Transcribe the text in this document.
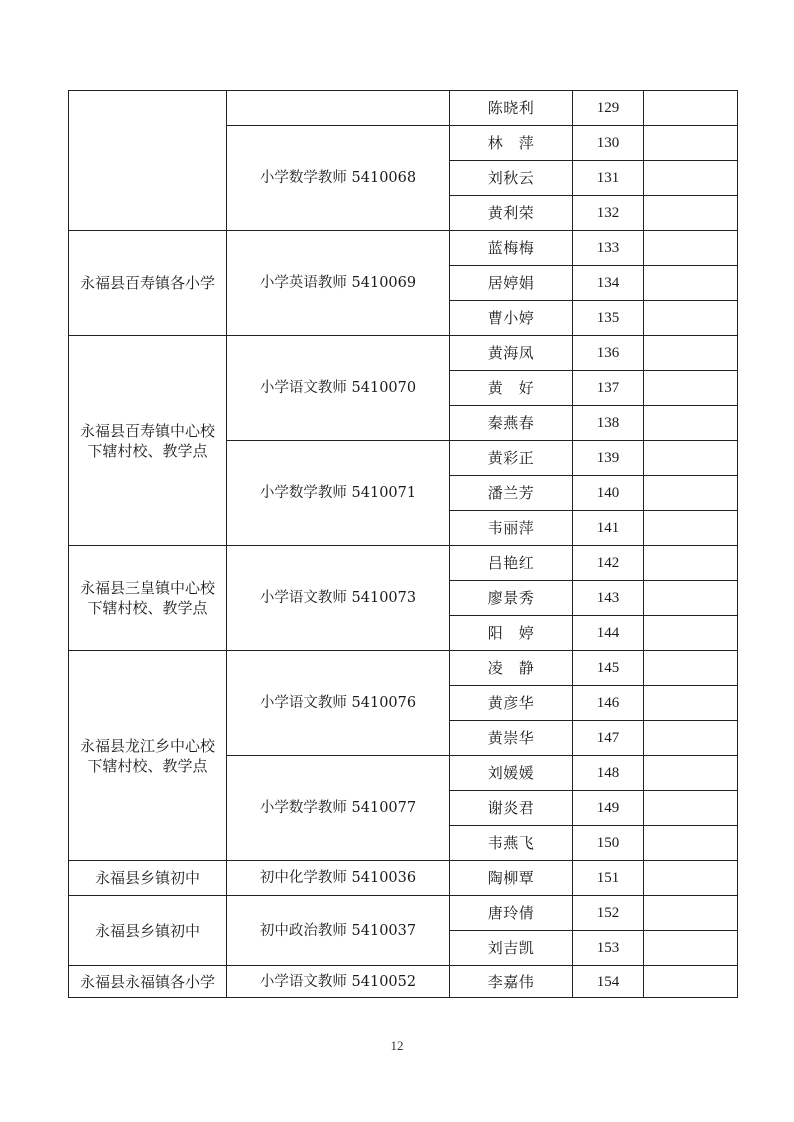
		陈晓利	129	
	小学数学教师 5410068	林　萍	130	
		刘秋云	131	
		黄利荣	132	
永福县百寿镇各小学	小学英语教师 5410069	蓝梅梅	133	
		居婷娟	134	
		曹小婷	135	

永福县百寿镇中心校
下辖村校、教学点	小学语文教师 5410070	黄海凤	136	
		黄　好	137	
		秦燕春	138	
	小学数学教师 5410071	黄彩正	139	
		潘兰芳	140	
		韦丽萍	141	

永福县三皇镇中心校
下辖村校、教学点	小学语文教师 5410073	吕艳红	142	
		廖景秀	143	
		阳　婷	144	

永福县龙江乡中心校
下辖村校、教学点	小学语文教师 5410076	凌　静	145	
		黄彦华	146	
		黄崇华	147	
	小学数学教师 5410077	刘媛媛	148	
		谢炎君	149	
		韦燕飞	150	
永福县乡镇初中	初中化学教师 5410036	陶柳覃	151	
永福县乡镇初中	初中政治教师 5410037	唐玲倩	152	
		刘吉凯	153	
永福县永福镇各小学	小学语文教师 5410052	李嘉伟	154	
12
